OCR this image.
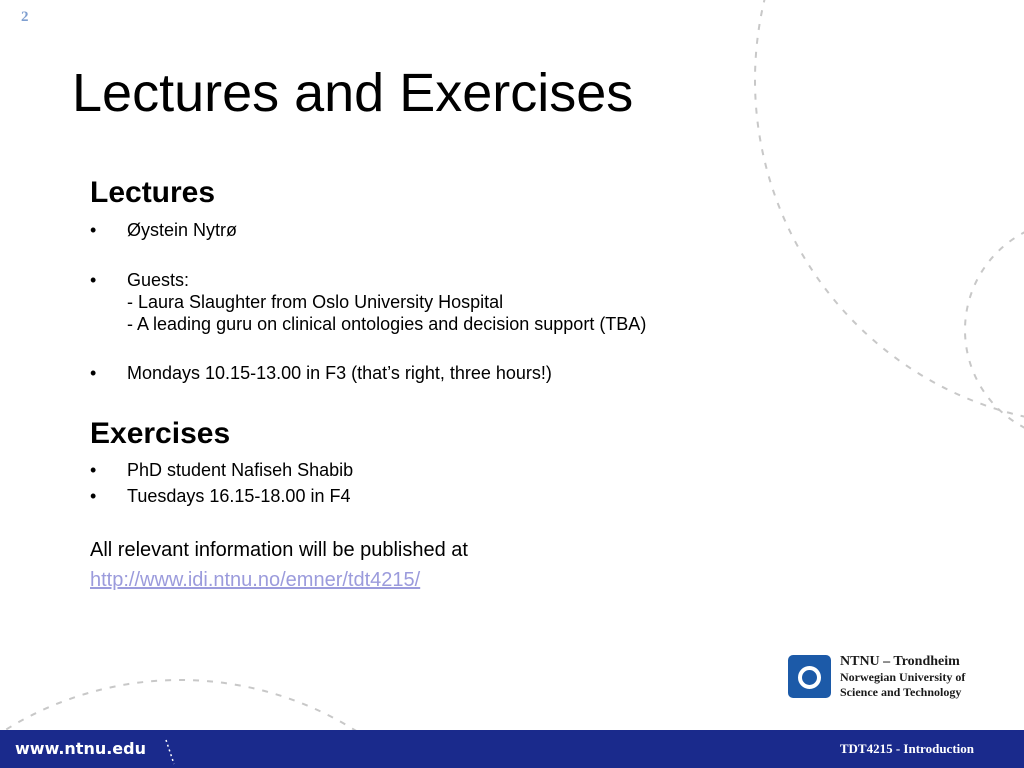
2
Lectures and Exercises
Lectures
• Øystein Nytrø
• Guests:
- Laura Slaughter from Oslo University Hospital
- A leading guru on clinical ontologies and decision support (TBA)
• Mondays 10.15-13.00 in F3 (that’s right, three hours!)
Exercises
• PhD student Nafiseh Shabib
• Tuesdays 16.15-18.00 in F4
All relevant information will be published at
http://www.idi.ntnu.no/emner/tdt4215/
NTNU – Trondheim
Norwegian University of
Science and Technology
www.ntnu.edu	TDT4215 - Introduction
